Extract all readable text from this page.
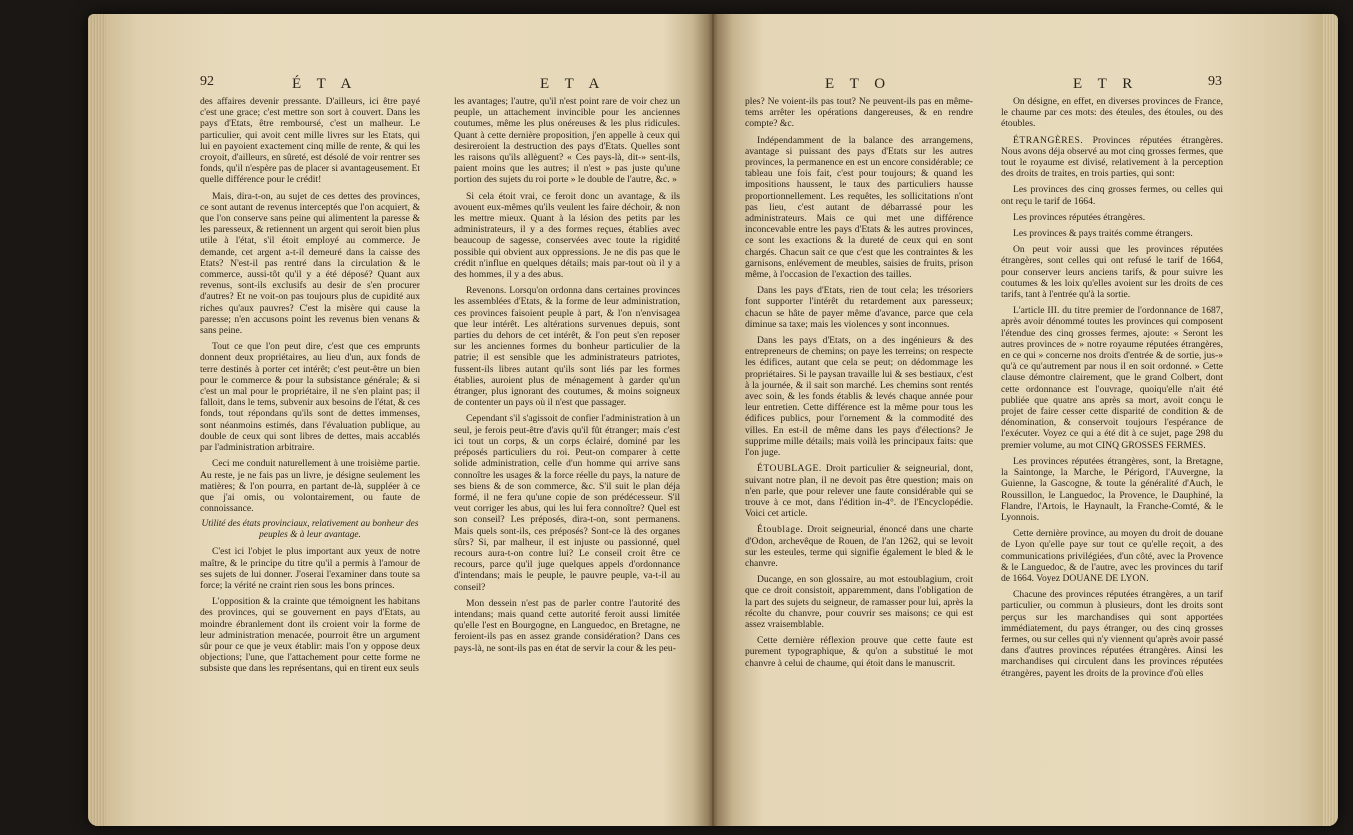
92	É T A	E T A

des affaires devenir pressante. D'ailleurs, ici être payé c'est une grace; c'est mettre son sort à couvert. Dans les pays d'Etats, être remboursé, c'est un malheur. Le particulier, qui avoit cent mille livres sur les Etats, qui lui en payoient exactement cinq mille de rente, & qui les croyoit, d'ailleurs, en sûreté, est désolé de voir rentrer ses fonds, qu'il n'espère pas de placer si avantageusement. Et quelle différence pour le crédit!

Mais, dira-t-on, au sujet de ces dettes des provinces, ce sont autant de revenus interceptés que l'on acquiert, & que l'on conserve sans peine qui alimentent la paresse & les paresseux, & retiennent un argent qui seroit bien plus utile à l'état, s'il étoit employé au commerce. Je demande, cet argent a-t-il demeuré dans la caisse des Etats? N'est-il pas rentré dans la circulation & le commerce, aussi-tôt qu'il y a été déposé? Quant aux revenus, sont-ils exclusifs au desir de s'en procurer d'autres? Et ne voit-on pas toujours plus de cupidité aux riches qu'aux pauvres? C'est la misère qui cause la paresse; n'en accusons point les revenus bien venans & sans peine.

Tout ce que l'on peut dire, c'est que ces emprunts donnent deux propriétaires, au lieu d'un, aux fonds de terre destinés à porter cet intérêt; c'est peut-être un bien pour le commerce & pour la subsistance générale; & si c'est un mal pour le propriétaire, il ne s'en plaint pas; il falloit, dans le tems, subvenir aux besoins de l'état, & ces fonds, tout répondans qu'ils sont de dettes immenses, sont néanmoins estimés, dans l'évaluation publique, au double de ceux qui sont libres de dettes, mais accablés par l'administration arbitraire.

Ceci me conduit naturellement à une troisième partie. Au reste, je ne fais pas un livre, je désigne seulement les matières; & l'on pourra, en partant de-là, suppléer à ce que j'ai omis, ou volontairement, ou faute de connoissance.

Utilité des états provinciaux, relativement au bonheur des peuples & à leur avantage.

C'est ici l'objet le plus important aux yeux de notre maître, & le principe du titre qu'il a permis à l'amour de ses sujets de lui donner. J'oserai l'examiner dans toute sa force; la vérité ne craint rien sous les bons princes.

L'opposition & la crainte que témoignent les habitans des provinces, qui se gouvernent en pays d'Etats, au moindre ébranlement dont ils croient voir la forme de leur administration menacée, pourroit être un argument sûr pour ce que je veux établir: mais l'on y oppose deux objections; l'une, que l'attachement pour cette forme ne subsiste que dans les représentans, qui en tirent eux seuls

les avantages; l'autre, qu'il n'est point rare de voir chez un peuple, un attachement invincible pour les anciennes coutumes, même les plus onéreuses & les plus ridicules. Quant à cette dernière proposition, j'en appelle à ceux qui desireroient la destruction des pays d'Etats. Quelles sont les raisons qu'ils allèguent? « Ces pays-là, dit-» sent-ils, paient moins que les autres; il n'est » pas juste qu'une portion des sujets du roi porte » le double de l'autre, &c. »

Si cela étoit vrai, ce feroit donc un avantage, & ils avouent eux-mêmes qu'ils veulent les faire déchoir, & non les mettre mieux. Quant à la lésion des petits par les administrateurs, il y a des formes reçues, établies avec beaucoup de sagesse, conservées avec toute la rigidité possible qui obvient aux oppressions. Je ne dis pas que le crédit n'influe en quelques détails; mais par-tout où il y a des hommes, il y a des abus.

Revenons. Lorsqu'on ordonna dans certaines provinces les assemblées d'Etats, & la forme de leur administration, ces provinces faisoient peuple à part, & l'on n'envisagea que leur intérêt. Les altérations survenues depuis, sont parties du dehors de cet intérêt, & l'on peut s'en reposer sur les anciennes formes du bonheur particulier de la patrie; il est sensible que les administrateurs patriotes, fussent-ils libres autant qu'ils sont liés par les formes établies, auroient plus de ménagement à garder qu'un étranger, plus ignorant des coutumes, & moins soigneux de contenter un pays où il n'est que passager.

Cependant s'il s'agissoit de confier l'administration à un seul, je ferois peut-être d'avis qu'il fût étranger; mais c'est ici tout un corps, & un corps éclairé, dominé par les préposés particuliers du roi. Peut-on comparer à cette solide administration, celle d'un homme qui arrive sans connoître les usages & la force réelle du pays, la nature de ses biens & de son commerce, &c. S'il suit le plan déja formé, il ne fera qu'une copie de son prédécesseur. S'il veut corriger les abus, qui les lui fera connoître? Quel est son conseil? Les préposés, dira-t-on, sont permanens. Mais quels sont-ils, ces préposés? Sont-ce là des organes sûrs? Si, par malheur, il est injuste ou passionné, quel recours aura-t-on contre lui? Le conseil croit être ce recours, parce qu'il juge quelques appels d'ordonnance d'intendans; mais le peuple, le pauvre peuple, va-t-il au conseil?

Mon dessein n'est pas de parler contre l'autorité des intendans; mais quand cette autorité feroit aussi limitée qu'elle l'est en Bourgogne, en Languedoc, en Bretagne, ne feroient-ils pas en assez grande considération? Dans ces pays-là, ne sont-ils pas en état de servir la cour & les peu-

E T O	E T R	93

ples? Ne voient-ils pas tout? Ne peuvent-ils pas en même-tems arrêter les opérations dangereuses, & en rendre compte? &c.

Indépendamment de la balance des arrangemens, avantage si puissant des pays d'Etats sur les autres provinces, la permanence en est un encore considérable; ce tableau une fois fait, c'est pour toujours; & quand les impositions haussent, le taux des particuliers hausse proportionnellement. Les requêtes, les sollicitations n'ont pas lieu, c'est autant de débarrassé pour les administrateurs. Mais ce qui met une différence inconcevable entre les pays d'Etats & les autres provinces, ce sont les exactions & la dureté de ceux qui en sont chargés. Chacun sait ce que c'est que les contraintes & les garnisons, enlévement de meubles, saisies de fruits, prison même, à l'occasion de l'exaction des tailles.

Dans les pays d'Etats, rien de tout cela; les trésoriers font supporter l'intérêt du retardement aux paresseux; chacun se hâte de payer même d'avance, parce que cela diminue sa taxe; mais les violences y sont inconnues.

Dans les pays d'Etats, on a des ingénieurs & des entrepreneurs de chemins; on paye les terreins; on respecte les édifices, autant que cela se peut; on dédommage les propriétaires. Si le paysan travaille lui & ses bestiaux, c'est à la journée, & il sait son marché. Les chemins sont rentés avec soin, & les fonds établis & levés chaque année pour leur entretien. Cette différence est la même pour tous les édifices publics, pour l'ornement & la commodité des villes. En est-il de même dans les pays d'élections? Je supprime mille détails; mais voilà les principaux faits: que l'on juge.

ÉTOUBLAGE. Droit particulier & seigneurial, dont, suivant notre plan, il ne devoit pas être question; mais on n'en parle, que pour relever une faute considérable qui se trouve à ce mot, dans l'édition in-4°. de l'Encyclopédie. Voici cet article.

Étoublage. Droit seigneurial, énoncé dans une charte d'Odon, archevêque de Rouen, de l'an 1262, qui se levoit sur les esteules, terme qui signifie également le bled & le chanvre.

Ducange, en son glossaire, au mot estoublagium, croit que ce droit consistoit, apparemment, dans l'obligation de la part des sujets du seigneur, de ramasser pour lui, après la récolte du chanvre, pour couvrir ses maisons; ce qui est assez vraisemblable.

Cette dernière réflexion prouve que cette faute est purement typographique, & qu'on a substitué le mot chanvre à celui de chaume, qui étoit dans le manuscrit.

On désigne, en effet, en diverses provinces de France, le chaume par ces mots: des éteules, des étoules, ou des étoubles.

ÉTRANGÈRES. Provinces réputées étrangères. Nous avons déja observé au mot cinq grosses fermes, que tout le royaume est divisé, relativement à la perception des droits de traites, en trois parties, qui sont:

Les provinces des cinq grosses fermes, ou celles qui ont reçu le tarif de 1664.

Les provinces réputées étrangères.

Les provinces & pays traités comme étrangers.

On peut voir aussi que les provinces réputées étrangères, sont celles qui ont refusé le tarif de 1664, pour conserver leurs anciens tarifs, & pour suivre les coutumes & les loix qu'elles avoient sur les droits de ces tarifs, tant à l'entrée qu'à la sortie.

L'article III. du titre premier de l'ordonnance de 1687, après avoir dénommé toutes les provinces qui composent l'étendue des cinq grosses fermes, ajoute: « Seront les autres provinces de » notre royaume réputées étrangères, en ce qui » concerne nos droits d'entrée & de sortie, jus-» qu'à ce qu'autrement par nous il en soit ordonné. » Cette clause démontre clairement, que le grand Colbert, dont cette ordonnance est l'ouvrage, quoiqu'elle n'ait été publiée que quatre ans après sa mort, avoit conçu le projet de faire cesser cette disparité de condition & de dénomination, & conservoit toujours l'espérance de l'exécuter. Voyez ce qui a été dit à ce sujet, page 298 du premier volume, au mot CINQ GROSSES FERMES.

Les provinces réputées étrangères, sont, la Bretagne, la Saintonge, la Marche, le Périgord, l'Auvergne, la Guienne, la Gascogne, & toute la généralité d'Auch, le Roussillon, le Languedoc, la Provence, le Dauphiné, la Flandre, l'Artois, le Haynault, la Franche-Comté, & le Lyonnois.

Cette dernière province, au moyen du droit de douane de Lyon qu'elle paye sur tout ce qu'elle reçoit, a des communications privilégiées, d'un côté, avec la Provence & le Languedoc, & de l'autre, avec les provinces du tarif de 1664. Voyez DOUANE DE LYON.

Chacune des provinces réputées étrangères, a un tarif particulier, ou commun à plusieurs, dont les droits sont perçus sur les marchandises qui sont apportées immédiatement, du pays étranger, ou des cinq grosses fermes, ou sur celles qui n'y viennent qu'après avoir passé dans d'autres provinces réputées étrangères. Ainsi les marchandises qui circulent dans les provinces réputées étrangères, payent les droits de la province d'où elles
